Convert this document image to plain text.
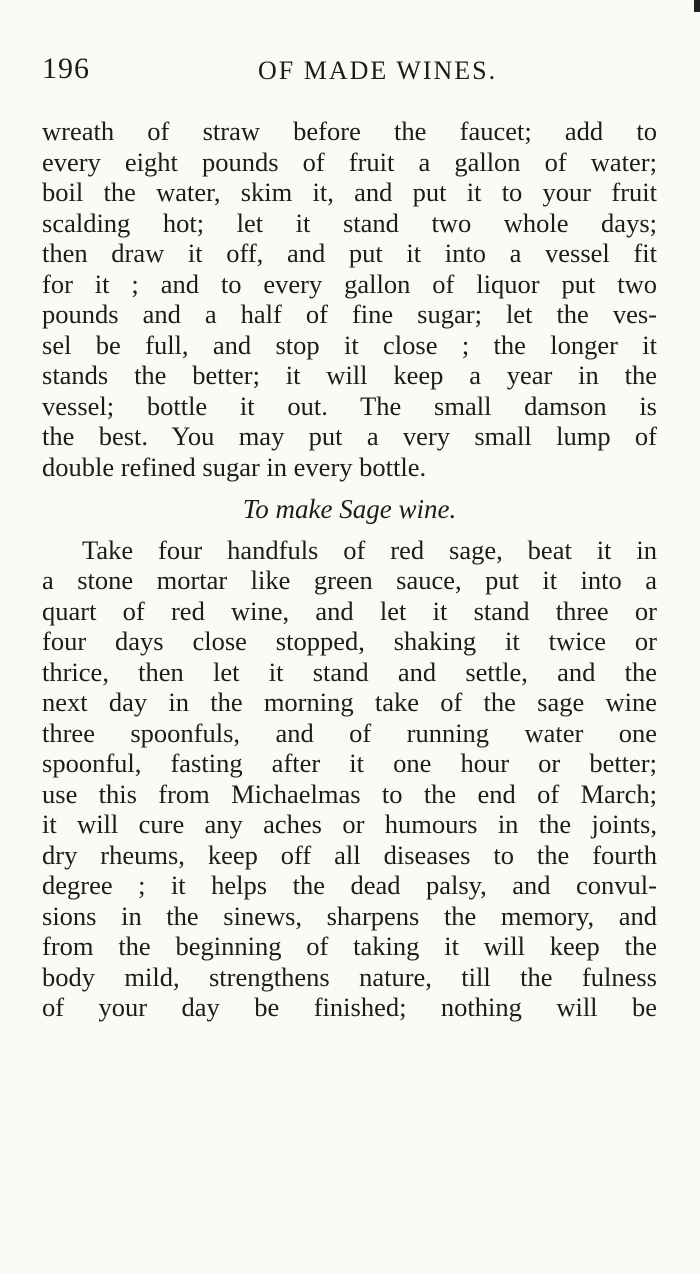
196	OF MADE WINES.
wreath of straw before the faucet; add to
every eight pounds of fruit a gallon of water;
boil the water, skim it, and put it to your fruit
scalding hot; let it stand two whole days;
then draw it off, and put it into a vessel fit
for it ; and to every gallon of liquor put two
pounds and a half of fine sugar; let the ves-
sel be full, and stop it close ; the longer it
stands the better; it will keep a year in the
vessel; bottle it out. The small damson is
the best. You may put a very small lump of
double refined sugar in every bottle.
To make Sage wine.
Take four handfuls of red sage, beat it in
a stone mortar like green sauce, put it into a
quart of red wine, and let it stand three or
four days close stopped, shaking it twice or
thrice, then let it stand and settle, and the
next day in the morning take of the sage wine
three spoonfuls, and of running water one
spoonful, fasting after it one hour or better;
use this from Michaelmas to the end of March;
it will cure any aches or humours in the joints,
dry rheums, keep off all diseases to the fourth
degree ; it helps the dead palsy, and convul-
sions in the sinews, sharpens the memory, and
from the beginning of taking it will keep the
body mild, strengthens nature, till the fulness
of your day be finished; nothing will be
